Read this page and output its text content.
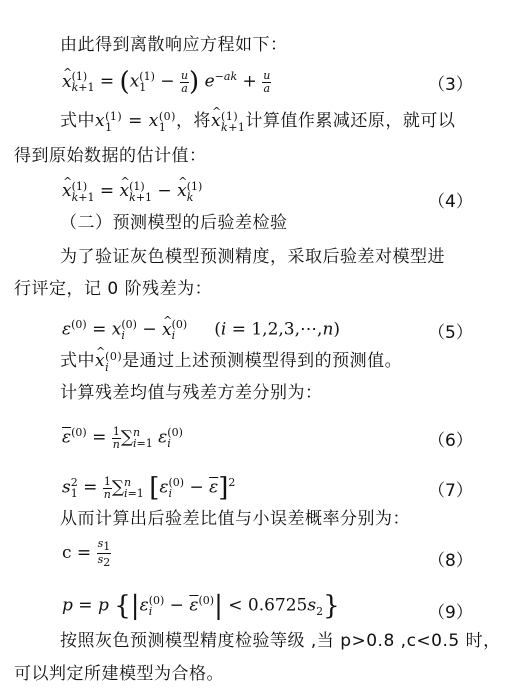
由此得到离散响应方程如下：
^ x (1)
k+1 = (x (1)
$1 - \frac{u}{a}$ ) $e^{-ak} + \frac{u}{a}$	（3）
式中x (1)
1 = x (0)
1 ，将^ x (1)
k+1 计算值作累减还原，就可以
得到原始数据的估计值：
^ x (1)
k+1 = ^ x (1)
k+1 − ^ x (1)
k	（4）
（二）预测模型的后验差检验
为了验证灰色模型预测精度，采取后验差对模型进
行评定，记 0 阶残差为：
$\varepsilon^{(0)} = x$ (0)
i − ^ x (0)
i (i = 1,2,3,⋯,n)	（5）
式中^ x (0)
i 是通过上述预测模型得到的预测值。
计算残差均值与残差方差分别为：
$\overline{\varepsilon}^{(0)} = \frac{1}{n}$ ∑ n
i=1 ε (0)
i	（6）
s 2
$1 = \frac{1}{n}$ ∑ n
i=1 [ε (0)
$i - \overline{\varepsilon}]^2$	（7）
从而计算出后验差比值与小误差概率分别为：
$c = \frac{s_1}{s_2}$	（8）
p = p {|ε (0)
$i - \overline{\varepsilon}^{(0)}| < 0.6725s_2$}	（9）
按照灰色预测模型精度检验等级 ,当 p>0.8 ,c<0.5 时，
可以判定所建模型为合格。
